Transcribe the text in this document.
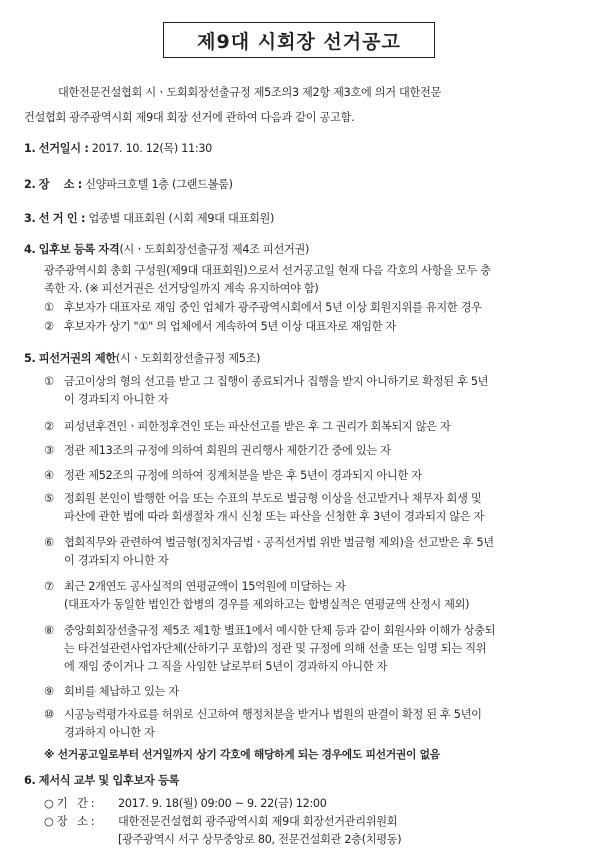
제9대 시회장 선거공고
대한전문건설협회 시ㆍ도회회장선출규정 제5조의3 제2항 제3호에 의거 대한전문
건설협회 광주광역시회 제9대 회장 선거에 관하여 다음과 같이 공고함.
1. 선거일시 : 2017. 10. 12(목) 11:30
2. 장    소 : 신양파크호텔 1층 (그랜드볼룸)
3. 선 거 인 : 업종별 대표회원 (시회 제9대 대표회원)
4. 입후보 등록 자격(시ㆍ도회회장선출규정 제4조 피선거권)
광주광역시회 총회 구성원(제9대 대표회원)으로서 선거공고일 현재 다음 각호의 사항을 모두 충
족한 자. (※ 피선거권은 선거당일까지 계속 유지하여야 함)
① 후보자가 대표자로 재임 중인 업체가 광주광역시회에서 5년 이상 회원지위를 유지한 경우
② 후보자가 상기 "①" 의 업체에서 계속하여 5년 이상 대표자로 재임한 자
5. 피선거권의 제한(시ㆍ도회회장선출규정 제5조)
① 금고이상의 형의 선고를 받고 그 집행이 종료되거나 집행을 받지 아니하기로 확정된 후 5년
이 경과되지 아니한 자
② 피성년후견인ㆍ피한정후견인 또는 파산선고를 받은 후 그 권리가 회복되지 않은 자
③ 정관 제13조의 규정에 의하여 회원의 권리행사 제한기간 중에 있는 자
④ 정관 제52조의 규정에 의하여 징계처분을 받은 후 5년이 경과되지 아니한 자
⑤ 정회원 본인이 발행한 어음 또는 수표의 부도로 벌금형 이상을 선고받거나 채무자 회생 및
파산에 관한 법에 따라 회생절차 개시 신청 또는 파산을 신청한 후 3년이 경과되지 않은 자
⑥ 협회직무와 관련하여 벌금형(정치자금법ㆍ공직선거법 위반 벌금형 제외)을 선고받은 후 5년
이 경과되지 아니한 자
⑦ 최근 2개연도 공사실적의 연평균액이 15억원에 미달하는 자
(대표자가 동일한 법인간 합병의 경우를 제외하고는 합병실적은 연평균액 산정시 제외)
⑧ 중앙회회장선출규정 제5조 제1항 별표1에서 예시한 단체 등과 같이 회원사와 이해가 상충되
는 타건설관련사업자단체(산하기구 포함)의 정관 및 규정에 의해 선출 또는 임명 되는 직위
에 재임 중이거나 그 직을 사임한 날로부터 5년이 경과하지 아니한 자
⑨ 회비를 체납하고 있는 자
⑩ 시공능력평가자료를 허위로 신고하여 행정처분을 받거나 법원의 판결이 확정 된 후 5년이
경과하지 아니한 자
※ 선거공고일로부터 선거일까지 상기 각호에 해당하게 되는 경우에도 피선거권이 없음
6. 제서식 교부 및 입후보자 등록
○ 기   간 : 2017. 9. 18(월) 09:00 ~ 9. 22(금) 12:00
○ 장   소 : 대한전문건설협회 광주광역시회 제9대 회장선거관리위원회
[광주광역시 서구 상무중앙로 80, 전문건설회관 2층(치평동)
